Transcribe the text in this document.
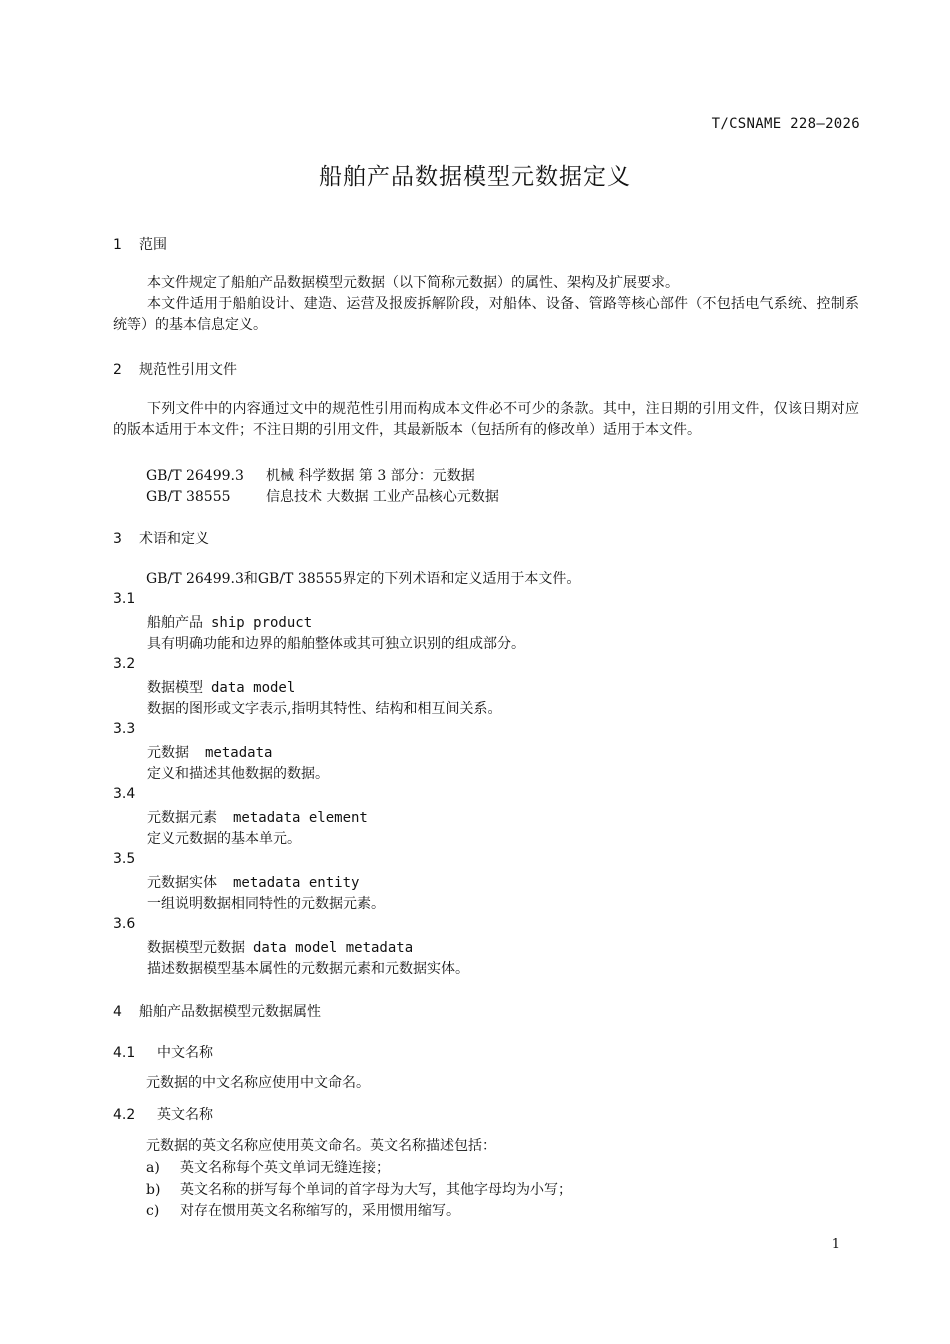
T/CSNAME 228—2026
船舶产品数据模型元数据定义
1 范围
本文件规定了船舶产品数据模型元数据（以下简称元数据）的属性、架构及扩展要求。
本文件适用于船舶设计、建造、运营及报废拆解阶段，对船体、设备、管路等核心部件（不包括电气系统、控制系统等）的基本信息定义。
2 规范性引用文件
下列文件中的内容通过文中的规范性引用而构成本文件必不可少的条款。其中，注日期的引用文件，仅该日期对应的版本适用于本文件；不注日期的引用文件，其最新版本（包括所有的修改单）适用于本文件。
GB/T 26499.3 机械 科学数据 第 3 部分：元数据
GB/T 38555	信息技术 大数据 工业产品核心元数据
3 术语和定义
GB/T 26499.3和GB/T 38555界定的下列术语和定义适用于本文件。
3.1
船舶产品 ship product
具有明确功能和边界的船舶整体或其可独立识别的组成部分。
3.2
数据模型 data model
数据的图形或文字表示,指明其特性、结构和相互间关系。
3.3
元数据 metadata
定义和描述其他数据的数据。
3.4
元数据元素 metadata element
定义元数据的基本单元。
3.5
元数据实体 metadata entity
一组说明数据相同特性的元数据元素。
3.6
数据模型元数据 data model metadata
描述数据模型基本属性的元数据元素和元数据实体。
4 船舶产品数据模型元数据属性
4.1 中文名称
元数据的中文名称应使用中文命名。
4.2 英文名称
元数据的英文名称应使用英文命名。英文名称描述包括：
a) 英文名称每个英文单词无缝连接；
b) 英文名称的拼写每个单词的首字母为大写，其他字母均为小写；
c) 对存在惯用英文名称缩写的，采用惯用缩写。
1
